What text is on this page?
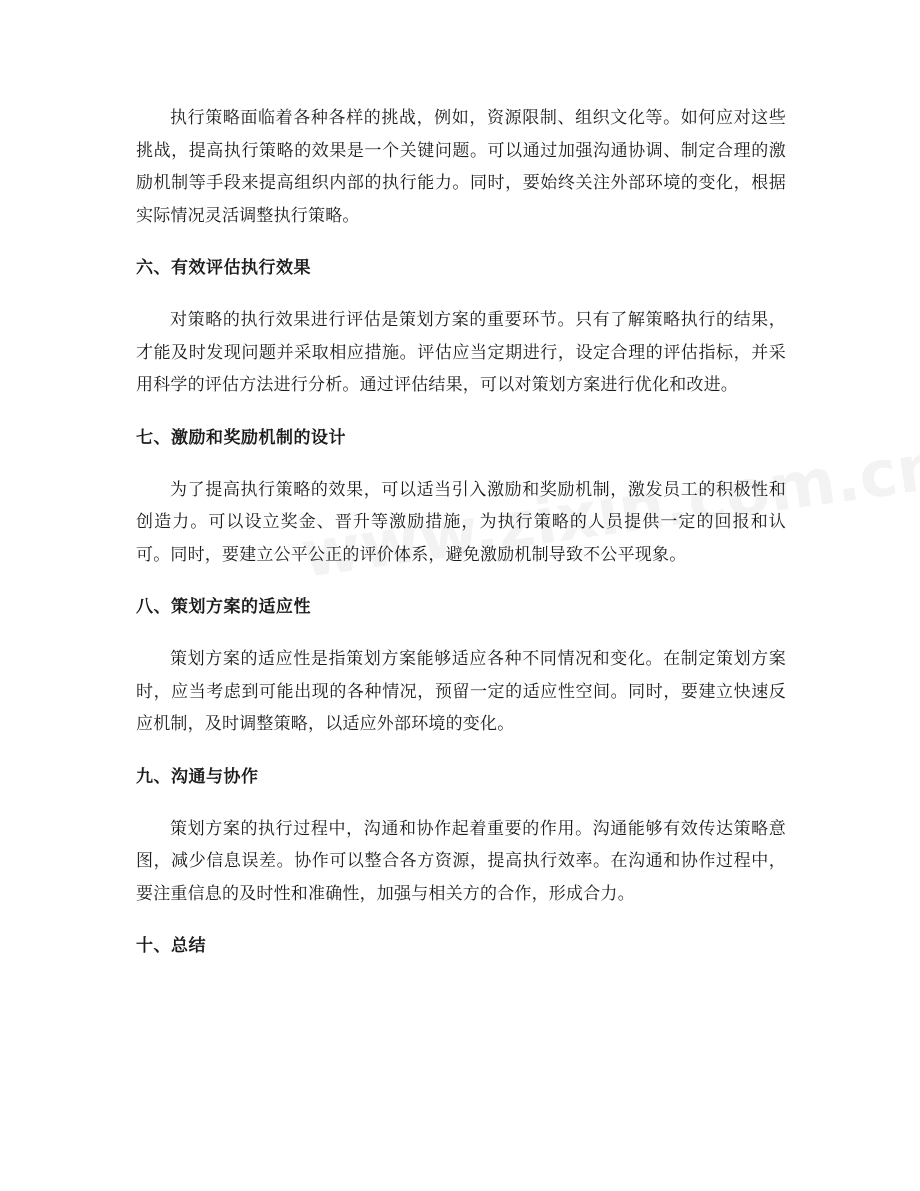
执行策略面临着各种各样的挑战，例如，资源限制、组织文化等。如何应对这些挑战，提高执行策略的效果是一个关键问题。可以通过加强沟通协调、制定合理的激励机制等手段来提高组织内部的执行能力。同时，要始终关注外部环境的变化，根据实际情况灵活调整执行策略。

六、有效评估执行效果

对策略的执行效果进行评估是策划方案的重要环节。只有了解策略执行的结果，才能及时发现问题并采取相应措施。评估应当定期进行，设定合理的评估指标，并采用科学的评估方法进行分析。通过评估结果，可以对策划方案进行优化和改进。

七、激励和奖励机制的设计

为了提高执行策略的效果，可以适当引入激励和奖励机制，激发员工的积极性和创造力。可以设立奖金、晋升等激励措施，为执行策略的人员提供一定的回报和认可。同时，要建立公平公正的评价体系，避免激励机制导致不公平现象。

八、策划方案的适应性

策划方案的适应性是指策划方案能够适应各种不同情况和变化。在制定策划方案时，应当考虑到可能出现的各种情况，预留一定的适应性空间。同时，要建立快速反应机制，及时调整策略，以适应外部环境的变化。

九、沟通与协作

策划方案的执行过程中，沟通和协作起着重要的作用。沟通能够有效传达策略意图，减少信息误差。协作可以整合各方资源，提高执行效率。在沟通和协作过程中，要注重信息的及时性和准确性，加强与相关方的合作，形成合力。

十、总结
